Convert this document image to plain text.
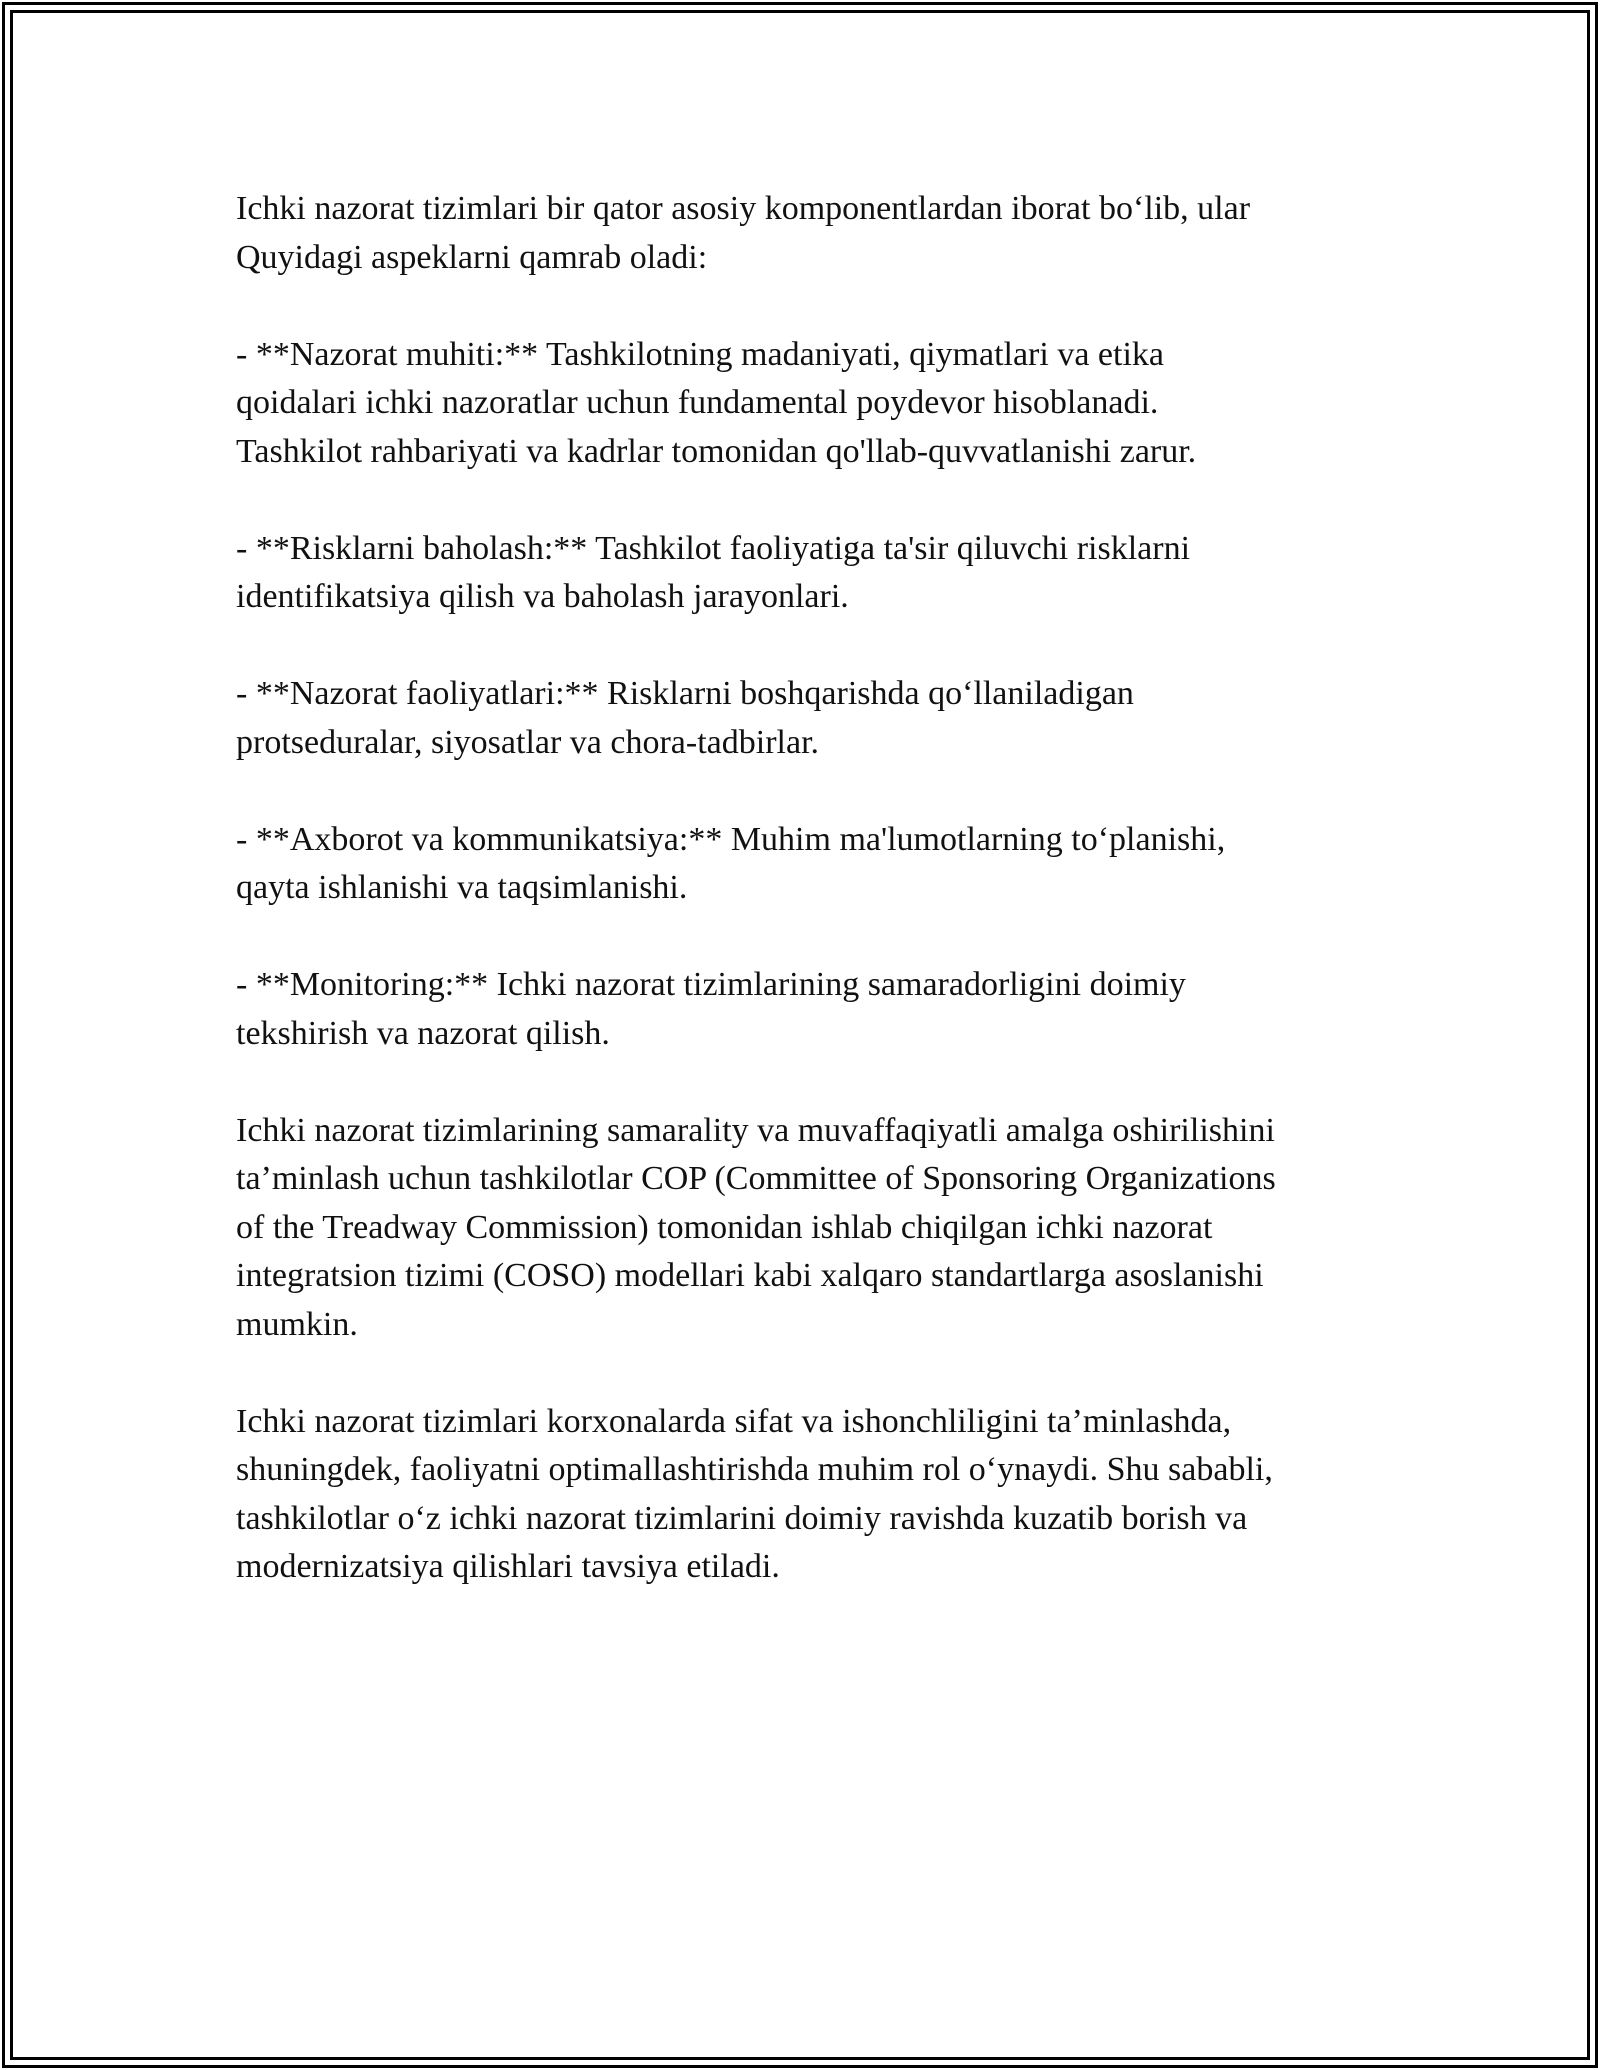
Ichki nazorat tizimlari bir qator asosiy komponentlardan iborat bo‘lib, ular
Quyidagi aspeklarni qamrab oladi:

- **Nazorat muhiti:** Tashkilotning madaniyati, qiymatlari va etika
qoidalari ichki nazoratlar uchun fundamental poydevor hisoblanadi.
Tashkilot rahbariyati va kadrlar tomonidan qo'llab-quvvatlanishi zarur.

- **Risklarni baholash:** Tashkilot faoliyatiga ta'sir qiluvchi risklarni
identifikatsiya qilish va baholash jarayonlari.

- **Nazorat faoliyatlari:** Risklarni boshqarishda qo‘llaniladigan
protseduralar, siyosatlar va chora-tadbirlar.

- **Axborot va kommunikatsiya:** Muhim ma'lumotlarning to‘planishi,
qayta ishlanishi va taqsimlanishi.

- **Monitoring:** Ichki nazorat tizimlarining samaradorligini doimiy
tekshirish va nazorat qilish.

Ichki nazorat tizimlarining samarality va muvaffaqiyatli amalga oshirilishini
ta’minlash uchun tashkilotlar COP (Committee of Sponsoring Organizations
of the Treadway Commission) tomonidan ishlab chiqilgan ichki nazorat
integratsion tizimi (COSO) modellari kabi xalqaro standartlarga asoslanishi
mumkin.

Ichki nazorat tizimlari korxonalarda sifat va ishonchliligini ta’minlashda,
shuningdek, faoliyatni optimallashtirishda muhim rol o‘ynaydi. Shu sababli,
tashkilotlar o‘z ichki nazorat tizimlarini doimiy ravishda kuzatib borish va
modernizatsiya qilishlari tavsiya etiladi.
